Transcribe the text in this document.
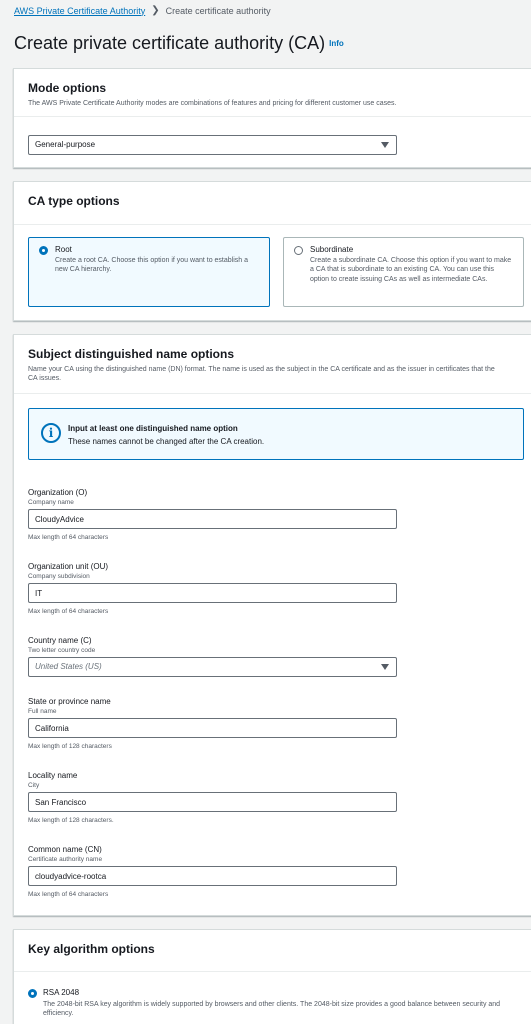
AWS Private Certificate Authority ❯ Create certificate authority
Create private certificate authority (CA) Info
Mode options
The AWS Private Certificate Authority modes are combinations of features and pricing for different customer use cases.
General-purpose
CA type options
Root
Create a root CA. Choose this option if you want to establish a new CA hierarchy.
Subordinate
Create a subordinate CA. Choose this option if you want to make a CA that is subordinate to an existing CA. You can use this option to create issuing CAs as well as intermediate CAs.
Subject distinguished name options
Name your CA using the distinguished name (DN) format. The name is used as the subject in the CA certificate and as the issuer in certificates that the CA issues.
i	Input at least one distinguished name option
These names cannot be changed after the CA creation.
Organization (O)
Company name
CloudyAdvice
Max length of 64 characters
Organization unit (OU)
Company subdivision
IT
Max length of 64 characters
Country name (C)
Two letter country code
United States (US)
State or province name
Full name
California
Max length of 128 characters
Locality name
City
San Francisco
Max length of 128 characters.
Common name (CN)
Certificate authority name
cloudyadvice-rootca
Max length of 64 characters
Key algorithm options
RSA 2048
The 2048-bit RSA key algorithm is widely supported by browsers and other clients. The 2048-bit size provides a good balance between security and efficiency.
